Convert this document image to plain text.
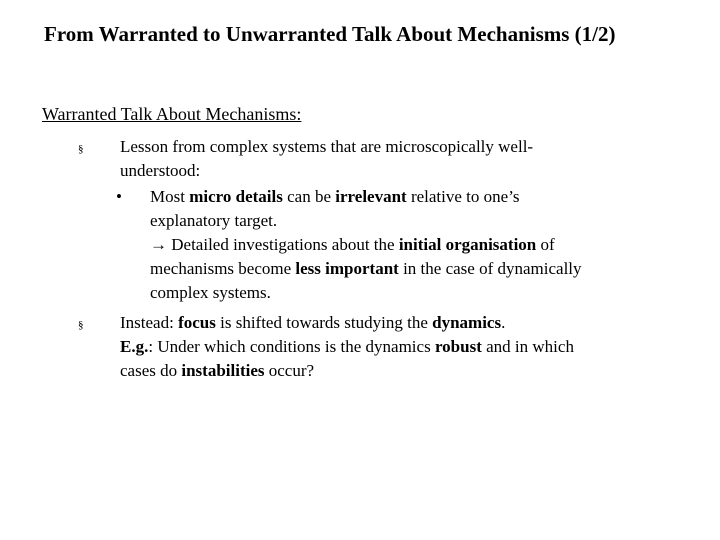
From Warranted to Unwarranted Talk About Mechanisms (1/2)
Warranted Talk About Mechanisms:
§ Lesson from complex systems that are microscopically well-
understood:
• Most micro details can be irrelevant relative to one’s
explanatory target.
→ Detailed investigations about the initial organisation of
mechanisms become less important in the case of dynamically
complex systems.
§ Instead: focus is shifted towards studying the dynamics.
E.g.: Under which conditions is the dynamics robust and in which
cases do instabilities occur?
